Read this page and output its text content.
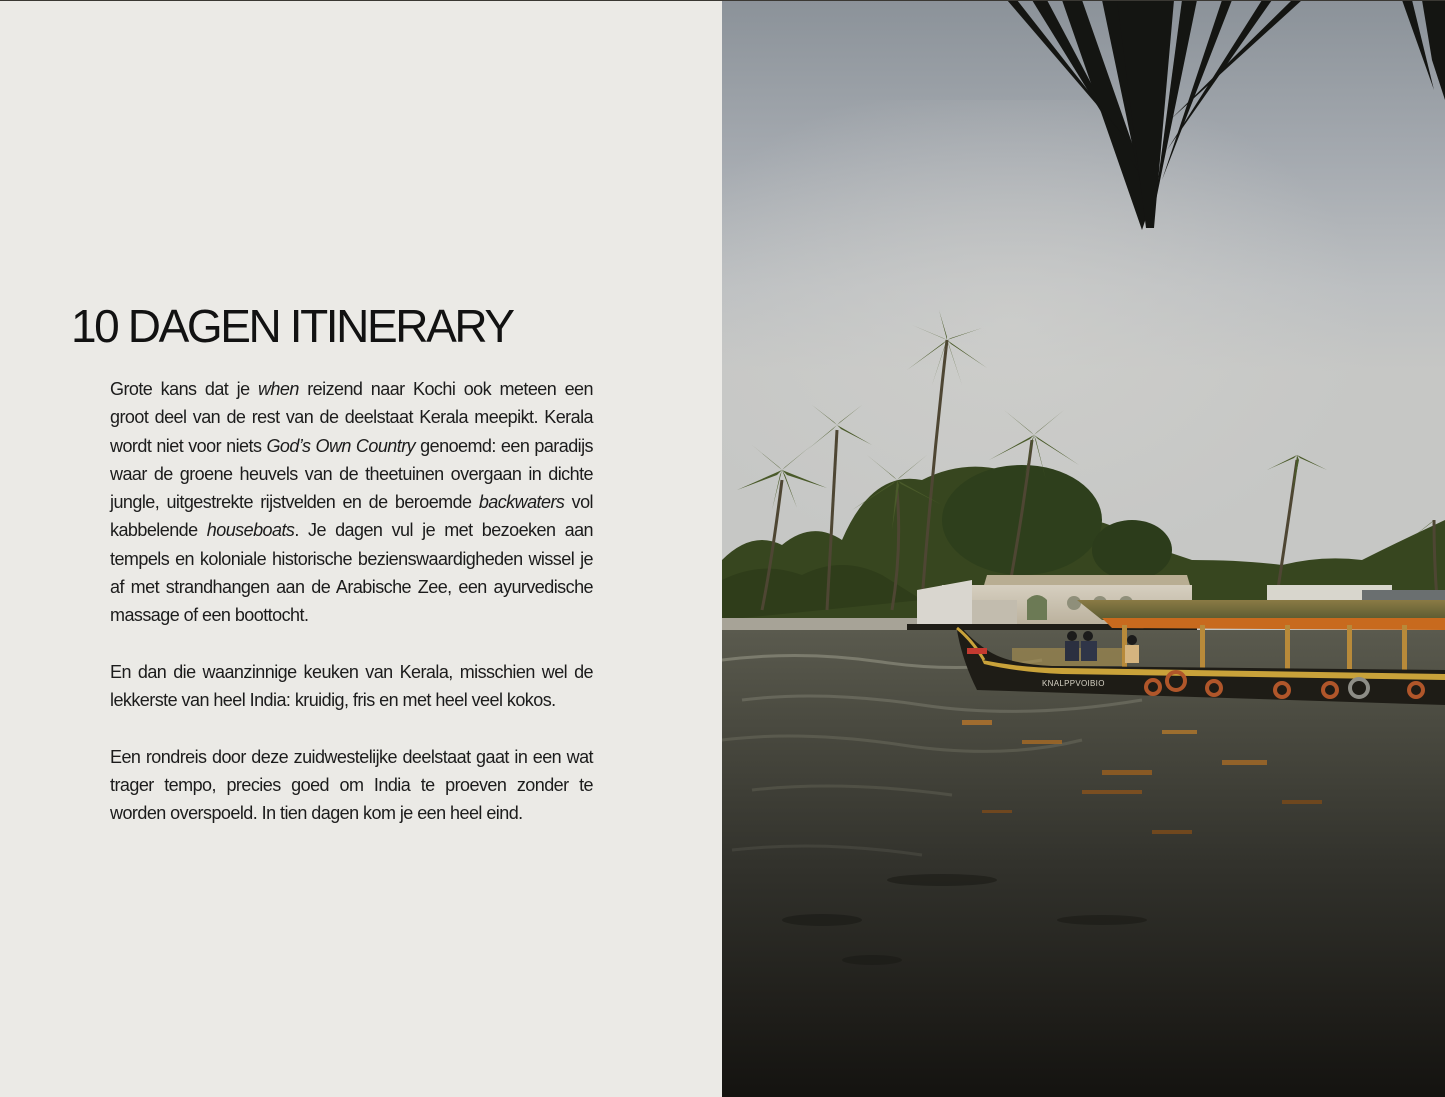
10 DAGEN ITINERARY

Grote kans dat je when reizend naar Kochi ook meteen een groot deel van de rest van de deelstaat Kerala meepikt. Kerala wordt niet voor niets God’s Own Country genoemd: een paradijs waar de groene heuvels van de theetuinen overgaan in dichte jungle, uitgestrekte rijstvelden en de beroemde backwaters vol kabbelende houseboats. Je dagen vul je met bezoeken aan tempels en koloniale historische bezienswaardigheden wissel je af met strandhangen aan de Arabische Zee, een ayurvedische massage of een boottocht.

En dan die waanzinnige keuken van Kerala, misschien wel de lekkerste van heel India: kruidig, fris en met heel veel kokos.

Een rondreis door deze zuidwestelijke deelstaat gaat in een wat trager tempo, precies goed om India te proeven zonder te worden overspoeld. In tien dagen kom je een heel eind.

KNALPPVOIBIO
